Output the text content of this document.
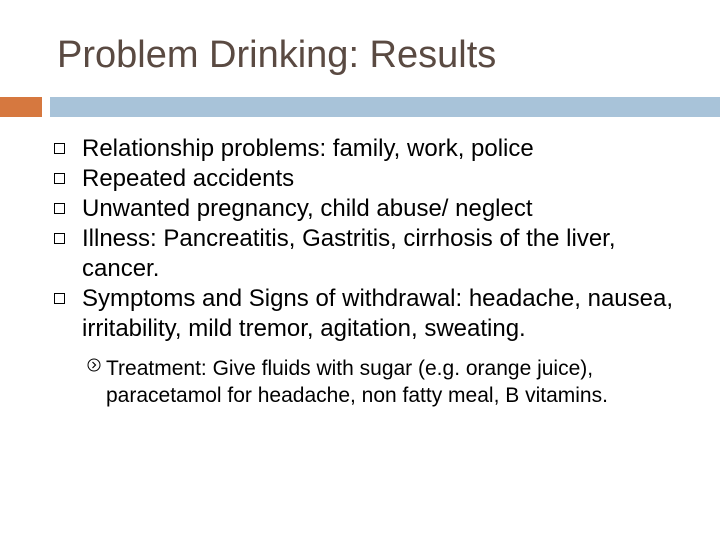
Problem Drinking: Results
Relationship problems: family, work, police
Repeated accidents
Unwanted pregnancy, child abuse/ neglect
Illness: Pancreatitis, Gastritis, cirrhosis of the liver, cancer.
Symptoms and Signs of withdrawal: headache, nausea, irritability, mild tremor, agitation, sweating.
Treatment: Give fluids with sugar (e.g. orange juice), paracetamol for headache, non fatty meal, B vitamins.
